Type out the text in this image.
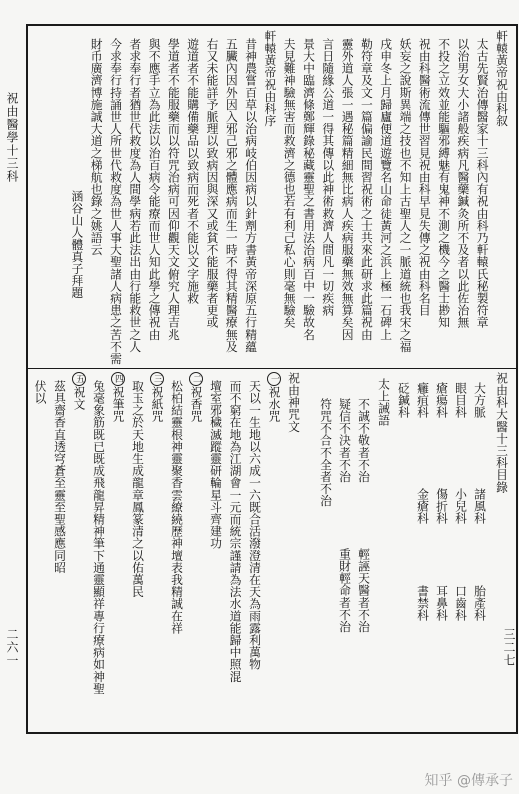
祝由醫學十三科
二六一	三二七
軒轅黃帝祝由科叙
太古先賢治傳醫家十三科內有祝由科乃軒轅氏秘製符章
以治男女大小諸般疾病凡醫藥鍼灸所不及者以此佐治無
不投之立效並能驅邪縛魅有鬼神不測之機今之醫士尠知
祝由科醫術流傳世習見祝由科早見失傳之祝由科名目
妖妄之說斯異端之技也不知上古聖人之一脈道統也我宋之福
戌申冬上月歸廬便道遊覽名山命徒黃河之浜上極一石碑上
勒符章及文一篇偏諭民間習祝術之士共來此研求此篇祝由
靈外道人張一遇秘篇精細無比病人疾病服藥無效無算矣因
言日隨緣公道一得其傳以此神術救濟人間凡一切疾病
景大中臨濟條鄭輝錄秘藏靈聖之書用法治病百中一驗故名
夫見難神驗無害而救濟之德也若有利己私心則毫無驗矣
軒轅黃帝祝由科序
昔神農嘗百草以治病岐伯因病以針劑方書黃帝深原五行精蘊
五臟內因外因入邪己邪之體應病而生一時不得其精醫療無及
右又未能詳予脈理以致病因與深又或貧不能服藥者更或
遊道者不能購備藥品以致病而死者不能以文字施救
學道者不能服藥而以符咒治病可因仰觀天文俯究人理吉兆
與不應手立為此法以治百病令能療而世人知此學之傳祝由
者求奉行者猶世代救度為人間學病若此法出由行能救世之人
今求奉行持誦世人所世代救度為世人事大聖諸人病患之苦不需
財币廣濟博施誠大道之梯航也錄之姚語云
涵谷山人體真子拜題
祝由科大醫十三科目錄
大方脈
諸風科
胎產科
眼目科
小兒科
口齒科
瘡瘍科
傷折科
耳鼻科
癰疽科
金瘡科
書禁科
砭鍼科
太上誡語
不誠不敬者不治
輕誣天醫者不治
疑信不決者不治
重財輕命者不治
符咒不合不全者不治
祝由神咒文
一祝水咒
天以一生地以六成一六既合活潑澄清在天為雨露利萬物
而不窮在地為江湖會一元而統宗謹請為法水道能歸中照混
壇室邪穢滅蹤靈研輪星斗齊建功
二祝香咒
松柏結靈根神靈聚香雲繚繞歷神壇表我精誠在祥
三祝紙咒
取玉之於天地生成龍章鳳篆清之以佑萬民
四祝筆咒
兔毫象筋既已既成飛龍昇精神筆下通靈顯祥專行療病如神聖
五祝文
茲具齋香直透穹蒼至靈至聖感應同昭
伏以
知乎 @傳承子
